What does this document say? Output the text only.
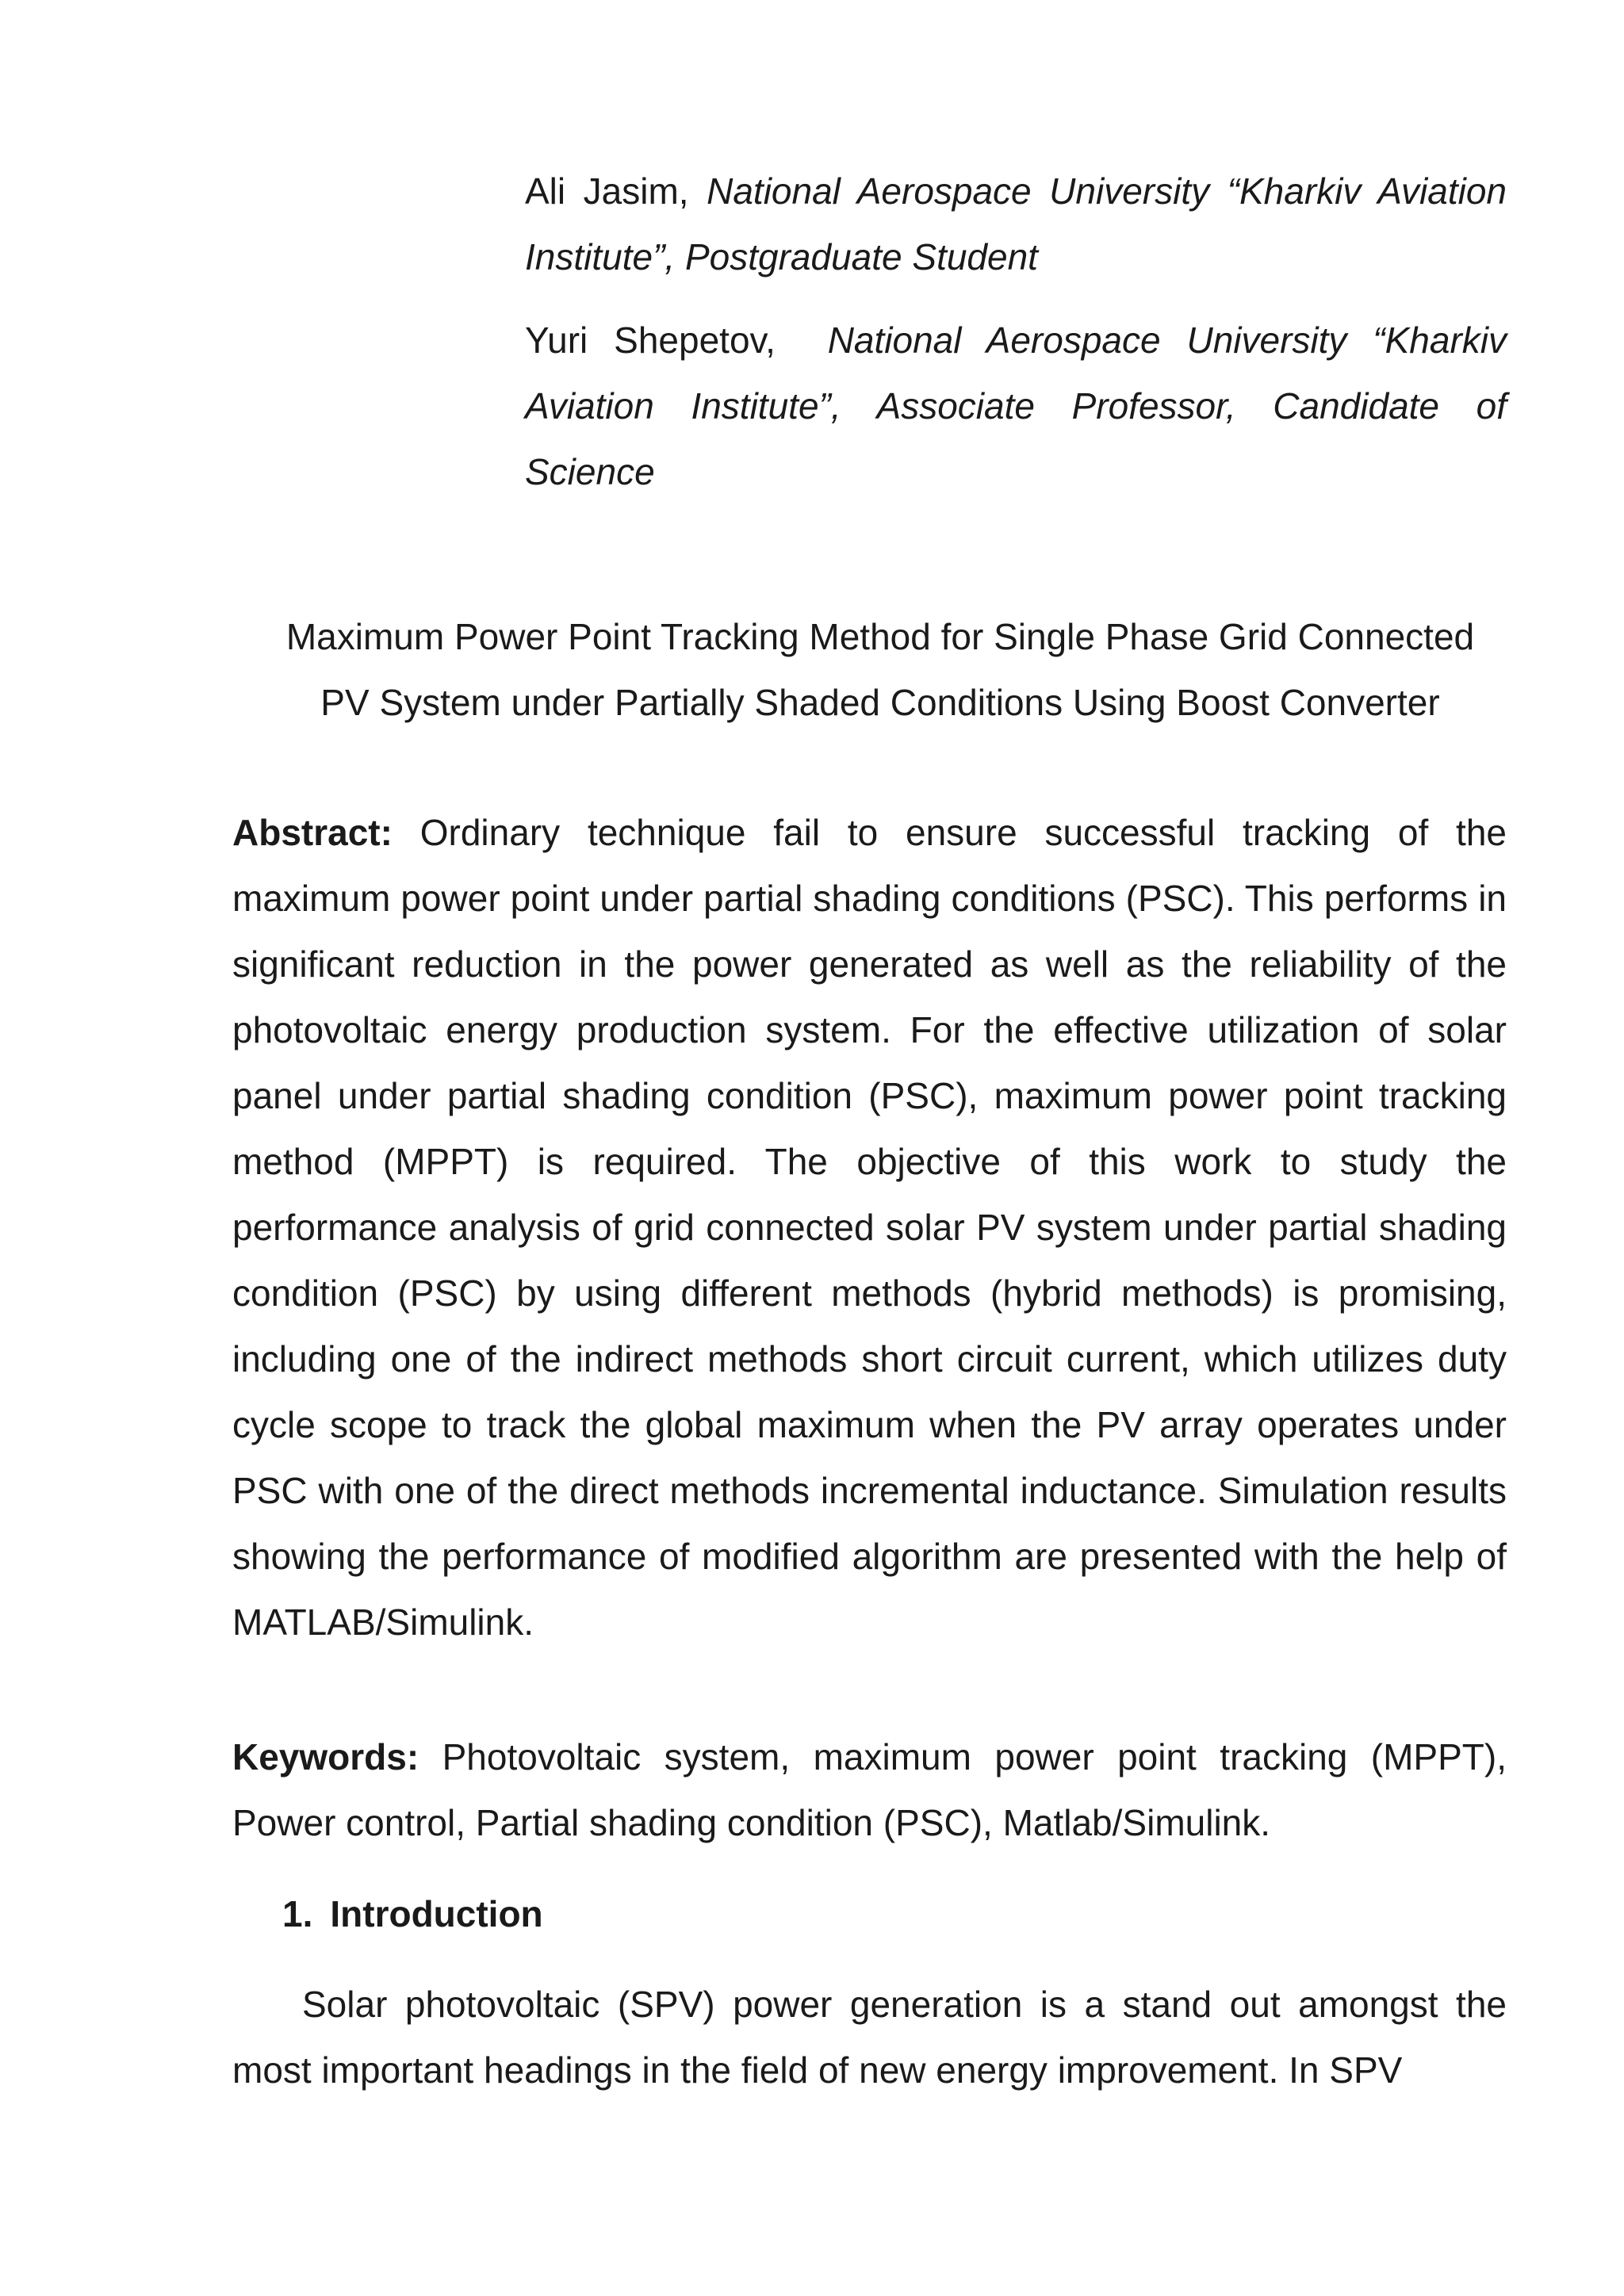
Ali Jasim, National Aerospace University “Kharkiv Aviation Institute”, Postgraduate Student

Yuri Shepetov, National Aerospace University “Kharkiv Aviation Institute”, Associate Professor, Candidate of Science

Maximum Power Point Tracking Method for Single Phase Grid Connected
PV System under Partially Shaded Conditions Using Boost Converter

Abstract: Ordinary technique fail to ensure successful tracking of the maximum power point under partial shading conditions (PSC). This performs in significant reduction in the power generated as well as the reliability of the photovoltaic energy production system. For the effective utilization of solar panel under partial shading condition (PSC), maximum power point tracking method (MPPT) is required. The objective of this work to study the performance analysis of grid connected solar PV system under partial shading condition (PSC) by using different methods (hybrid methods) is promising, including one of the indirect methods short circuit current, which utilizes duty cycle scope to track the global maximum when the PV array operates under PSC with one of the direct methods incremental inductance. Simulation results showing the performance of modified algorithm are presented with the help of MATLAB/Simulink.

Keywords: Photovoltaic system, maximum power point tracking (MPPT), Power control, Partial shading condition (PSC), Matlab/Simulink.

1. Introduction

Solar photovoltaic (SPV) power generation is a stand out amongst the most important headings in the field of new energy improvement. In SPV
